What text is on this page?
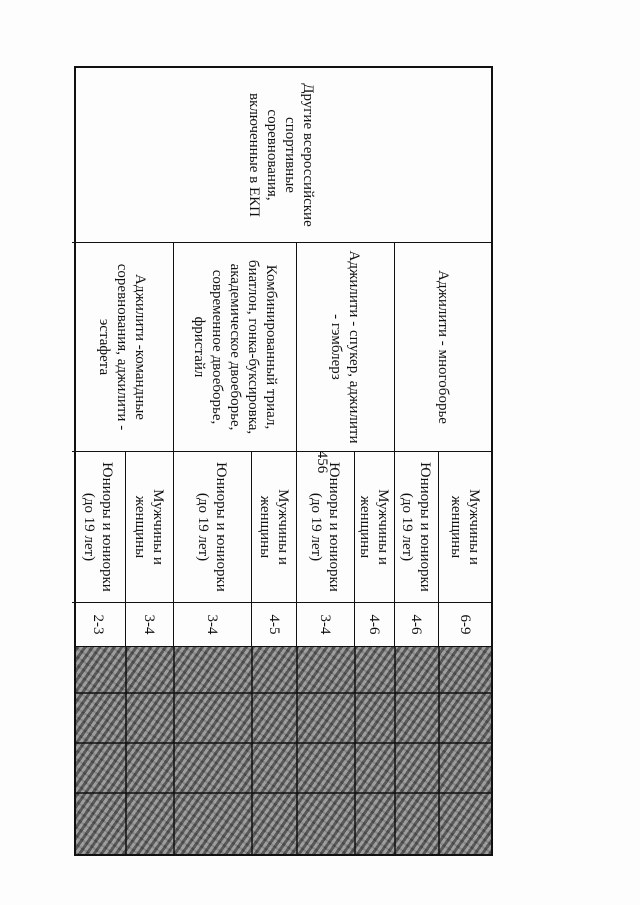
456
Другие всероссийские спортивные соревнования, включенные в ЕКП
Аджилити - многоборье
Аджилити - спукер, аджилити - гэмблерз
Комбинированный триал, биатлон, гонка-буксировка, академическое двоеборье, современное двоеборье, фристайл
Аджилити -командные соревнования, аджилити - эстафета
Мужчины и женщины
Юниоры и юниорки (до 19 лет)
Мужчины и женщины
Юниоры и юниорки (до 19 лет)
Мужчины и женщины
Юниоры и юниорки (до 19 лет)
Мужчины и женщины
Юниоры и юниорки (до 19 лет)
6-9
4-6
4-6
3-4
4-5
3-4
3-4
2-3
